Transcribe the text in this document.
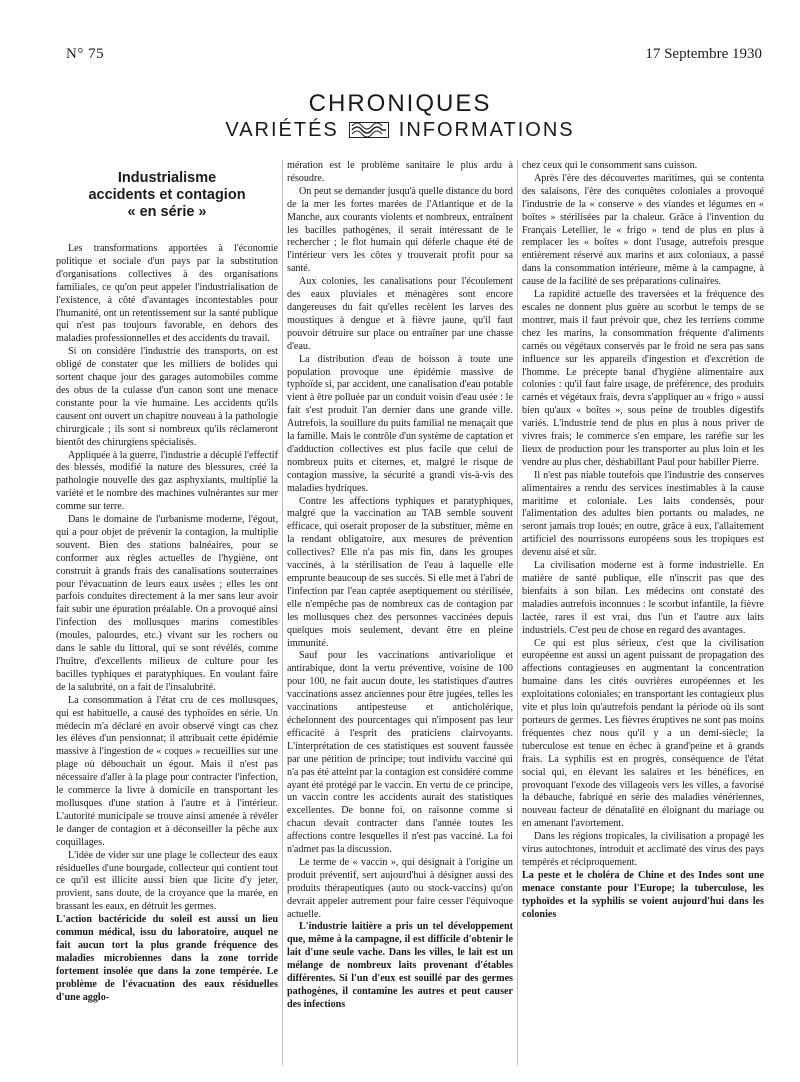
N° 75	17 Septembre 1930
CHRONIQUES
VARIÉTÉS	INFORMATIONS
Industrialisme
accidents et contagion
« en série »

Les transformations apportées à l'économie politique et sociale d'un pays par la substitution d'organisations collectives à des organisations familiales, ce qu'on peut appeler l'industrialisation de l'existence, à côté d'avantages incontestables pour l'humanité, ont un retentissement sur la santé publique qui n'est pas toujours favorable, en dehors des maladies professionnelles et des accidents du travail.

Si on considère l'industrie des transports, on est obligé de constater que les milliers de bolides qui sortent chaque jour des garages automobiles comme des obus de la culasse d'un canon sont une menace constante pour la vie humaine. Les accidents qu'ils causent ont ouvert un chapitre nouveau à la pathologie chirurgicale ; ils sont si nombreux qu'ils réclameront bientôt des chirurgiens spécialisés.

Appliquée à la guerre, l'industrie a décuplé l'effectif des blessés, modifié la nature des blessures, créé la pathologie nouvelle des gaz asphyxiants, multiplié la variété et le nombre des machines vulnérantes sur mer comme sur terre.

Dans le domaine de l'urbanisme moderne, l'égout, qui a pour objet de prévenir la contagion, la multiplie souvent. Bien des stations balnéaires, pour se conformer aux règles actuelles de l'hygiène, ont construit à grands frais des canalisations souterraines pour l'évacuation de leurs eaux usées ; elles les ont parfois conduites directement à la mer sans leur avoir fait subir une épuration préalable. On a provoqué ainsi l'infection des mollusques marins comestibles (moules, palourdes, etc.) vivant sur les rochers ou dans le sable du littoral, qui se sont révélés, comme l'huître, d'excellents milieux de culture pour les bacilles typhiques et paratyphiques. En voulant faire de la salubrité, on a fait de l'insalubrité.

La consommation à l'état cru de ces mollusques, qui est habituelle, a causé des typhoïdes en série. Un médecin m'a déclaré en avoir observé vingt cas chez les élèves d'un pensionnat; il attribuait cette épidémie massive à l'ingestion de « coques » recueillies sur une plage où débouchait un égout. Mais il n'est pas nécessaire d'aller à la plage pour contracter l'infection, le commerce la livre à domicile en transportant les mollusques d'une station à l'autre et à l'intérieur. L'autorité municipale se trouve ainsi amenée à révéler le danger de contagion et à déconseiller la pêche aux coquillages.

L'idée de vider sur une plage le collecteur des eaux résiduelles d'une bourgade, collecteur qui contient tout ce qu'il est illicite aussi bien que licite d'y jeter, provient, sans doute, de la croyance que la marée, en brassant les eaux, en détruit les germes.

L'action bactéricide du soleil est aussi un lieu commun médical, issu du laboratoire, auquel ne fait aucun tort la plus grande fréquence des maladies microbiennes dans la zone torride fortement insolée que dans la zone tempérée. Le problème de l'évacuation des eaux résiduelles d'une agglo-

mération est le problème sanitaire le plus ardu à résoudre.

On peut se demander jusqu'à quelle distance du bord de la mer les fortes marées de l'Atlantique et de la Manche, aux courants violents et nombreux, entraînent les bacilles pathogènes, il serait intéressant de le rechercher ; le flot humain qui déferle chaque été de l'intérieur vers les côtes y trouverait profit pour sa santé.

Aux colonies, les canalisations pour l'écoulement des eaux pluviales et ménagères sont encore dangereuses du fait qu'elles recèlent les larves des moustiques à dengue et à fièvre jaune, qu'il faut pouvoir détruire sur place ou entraîner par une chasse d'eau.

La distribution d'eau de boisson à toute une population provoque une épidémie massive de typhoïde si, par accident, une canalisation d'eau potable vient à être polluée par un conduit voisin d'eau usée : le fait s'est produit l'an dernier dans une grande ville. Autrefois, la souillure du puits familial ne menaçait que la famille. Mais le contrôle d'un système de captation et d'adduction collectives est plus facile que celui de nombreux puits et citernes, et, malgré le risque de contagion massive, la sécurité a grandi vis-à-vis des maladies hydriques.

Contre les affections typhiques et paratyphiques, malgré que la vaccination au TAB semble souvent efficace, qui oserait proposer de la substituer, même en la rendant obligatoire, aux mesures de prévention collectives? Elle n'a pas mis fin, dans les groupes vaccinés, à la stérilisation de l'eau à laquelle elle emprunte beaucoup de ses succès. Si elle met à l'abri de l'infection par l'eau captée aseptiquement ou stérilisée, elle n'empêche pas de nombreux cas de contagion par les mollusques chez des personnes vaccinées depuis quelques mois seulement, devant être en pleine immunité.

Sauf pour les vaccinations antivariolique et antirabique, dont la vertu préventive, voisine de 100 pour 100, ne fait aucun doute, les statistiques d'autres vaccinations assez anciennes pour être jugées, telles les vaccinations antipesteuse et anticholérique, échelonnent des pourcentages qui n'imposent pas leur efficacité à l'esprit des praticiens clairvoyants. L'interprétation de ces statistiques est souvent faussée par une pétition de principe; tout individu vacciné qui n'a pas été atteint par la contagion est considéré comme ayant été protégé par le vaccin. En vertu de ce principe, un vaccin contre les accidents aurait des statistiques excellentes. De bonne foi, on raisonne comme si chacun devait contracter dans l'année toutes les affections contre lesquelles il n'est pas vacciné. La foi n'admet pas la discussion.

Le terme de « vaccin », qui désignait à l'origine un produit préventif, sert aujourd'hui à désigner aussi des produits thérapeutiques (auto ou stock-vaccins) qu'on devrait appeler autrement pour faire cesser l'équivoque actuelle.

L'industrie laitière a pris un tel développement que, même à la campagne, il est difficile d'obtenir le lait d'une seule vache. Dans les villes, le lait est un mélange de nombreux laits provenant d'étables différentes. Si l'un d'eux est souillé par des germes pathogènes, il contamine les autres et peut causer des infections

chez ceux qui le consomment sans cuisson.

Après l'ère des découvertes maritimes, qui se contenta des salaisons, l'ère des conquêtes coloniales a provoqué l'industrie de la « conserve » des viandes et légumes en « boîtes » stérilisées par la chaleur. Grâce à l'invention du Français Letellier, le « frigo » tend de plus en plus à remplacer les « boîtes » dont l'usage, autrefois presque entièrement réservé aux marins et aux coloniaux, a passé dans la consommation intérieure, même à la campagne, à cause de la facilité de ses préparations culinaires.

La rapidité actuelle des traversées et la fréquence des escales ne donnent plus guère au scorbut le temps de se montrer, mais il faut prévoir que, chez les terriens comme chez les marins, la consommation fréquente d'aliments carnés ou végétaux conservés par le froid ne sera pas sans influence sur les appareils d'ingestion et d'excrétion de l'homme. Le précepte banal d'hygiène alimentaire aux colonies : qu'il faut faire usage, de préférence, des produits carnés et végétaux frais, devra s'appliquer au « frigo » aussi bien qu'aux « boîtes », sous peine de troubles digestifs variés. L'industrie tend de plus en plus à nous priver de vivres frais; le commerce s'en empare, les raréfie sur les lieux de production pour les transporter au plus loin et les vendre au plus cher, déshabillant Paul pour habiller Pierre.

Il n'est pas niable toutefois que l'industrie des conserves alimentaires a rendu des services inestimables à la cause maritime et coloniale. Les laits condensés, pour l'alimentation des adultes bien portants ou malades, ne seront jamais trop loués; en outre, grâce à eux, l'allaitement artificiel des nourrissons européens sous les tropiques est devenu aisé et sûr.

La civilisation moderne est à forme industrielle. En matière de santé publique, elle n'inscrit pas que des bienfaits à son bilan. Les médecins ont constaté des maladies autrefois inconnues : le scorbut infantile, la fièvre lactée, rares il est vrai, dus l'un et l'autre aux laits industriels. C'est peu de chose en regard des avantages.

Ce qui est plus sérieux, c'est que la civilisation européenne est aussi un agent puissant de propagation des affections contagieuses en augmentant la concentration humaine dans les cités ouvrières européennes et les exploitations coloniales; en transportant les contagieux plus vite et plus loin qu'autrefois pendant la période où ils sont porteurs de germes. Les fièvres éruptives ne sont pas moins fréquentes chez nous qu'il y a un demi-siècle; la tuberculose est tenue en échec à grand'peine et à grands frais. La syphilis est en progrès, conséquence de l'état social qui, en élevant les salaires et les bénéfices, en provoquant l'exode des villageois vers les villes, a favorisé la débauche, fabriqué en série des maladies vénériennes, nouveau facteur de dénatalité en éloignant du mariage ou en amenant l'avortement.

Dans les régions tropicales, la civilisation a propagé les virus autochtones, introduit et acclimaté des virus des pays tempérés et réciproquement.

La peste et le choléra de Chine et des Indes sont une menace constante pour l'Europe; la tuberculose, les typhoïdes et la syphilis se voient aujourd'hui dans les colonies
